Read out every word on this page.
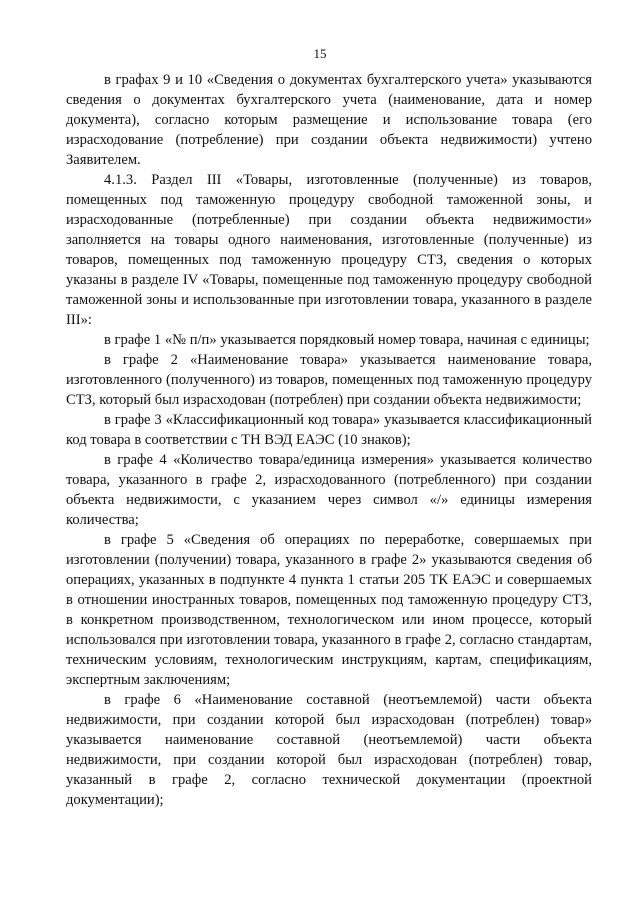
15

в графах 9 и 10 «Сведения о документах бухгалтерского учета» указываются сведения о документах бухгалтерского учета (наименование, дата и номер документа), согласно которым размещение и использование товара (его израсходование (потребление) при создании объекта недвижимости) учтено Заявителем.

4.1.3. Раздел III «Товары, изготовленные (полученные) из товаров, помещенных под таможенную процедуру свободной таможенной зоны, и израсходованные (потребленные) при создании объекта недвижимости» заполняется на товары одного наименования, изготовленные (полученные) из товаров, помещенных под таможенную процедуру СТЗ, сведения о которых указаны в разделе IV «Товары, помещенные под таможенную процедуру свободной таможенной зоны и использованные при изготовлении товара, указанного в разделе III»:

в графе 1 «№ п/п» указывается порядковый номер товара, начиная с единицы;

в графе 2 «Наименование товара» указывается наименование товара, изготовленного (полученного) из товаров, помещенных под таможенную процедуру СТЗ, который был израсходован (потреблен) при создании объекта недвижимости;

в графе 3 «Классификационный код товара» указывается классификационный код товара в соответствии с ТН ВЭД ЕАЭС (10 знаков);

в графе 4 «Количество товара/единица измерения» указывается количество товара, указанного в графе 2, израсходованного (потребленного) при создании объекта недвижимости, с указанием через символ «/» единицы измерения количества;

в графе 5 «Сведения об операциях по переработке, совершаемых при изготовлении (получении) товара, указанного в графе 2» указываются сведения об операциях, указанных в подпункте 4 пункта 1 статьи 205 ТК ЕАЭС и совершаемых в отношении иностранных товаров, помещенных под таможенную процедуру СТЗ, в конкретном производственном, технологическом или ином процессе, который использовался при изготовлении товара, указанного в графе 2, согласно стандартам, техническим условиям, технологическим инструкциям, картам, спецификациям, экспертным заключениям;

в графе 6 «Наименование составной (неотъемлемой) части объекта недвижимости, при создании которой был израсходован (потреблен) товар» указывается наименование составной (неотъемлемой) части объекта недвижимости, при создании которой был израсходован (потреблен) товар, указанный в графе 2, согласно технической документации (проектной документации);
